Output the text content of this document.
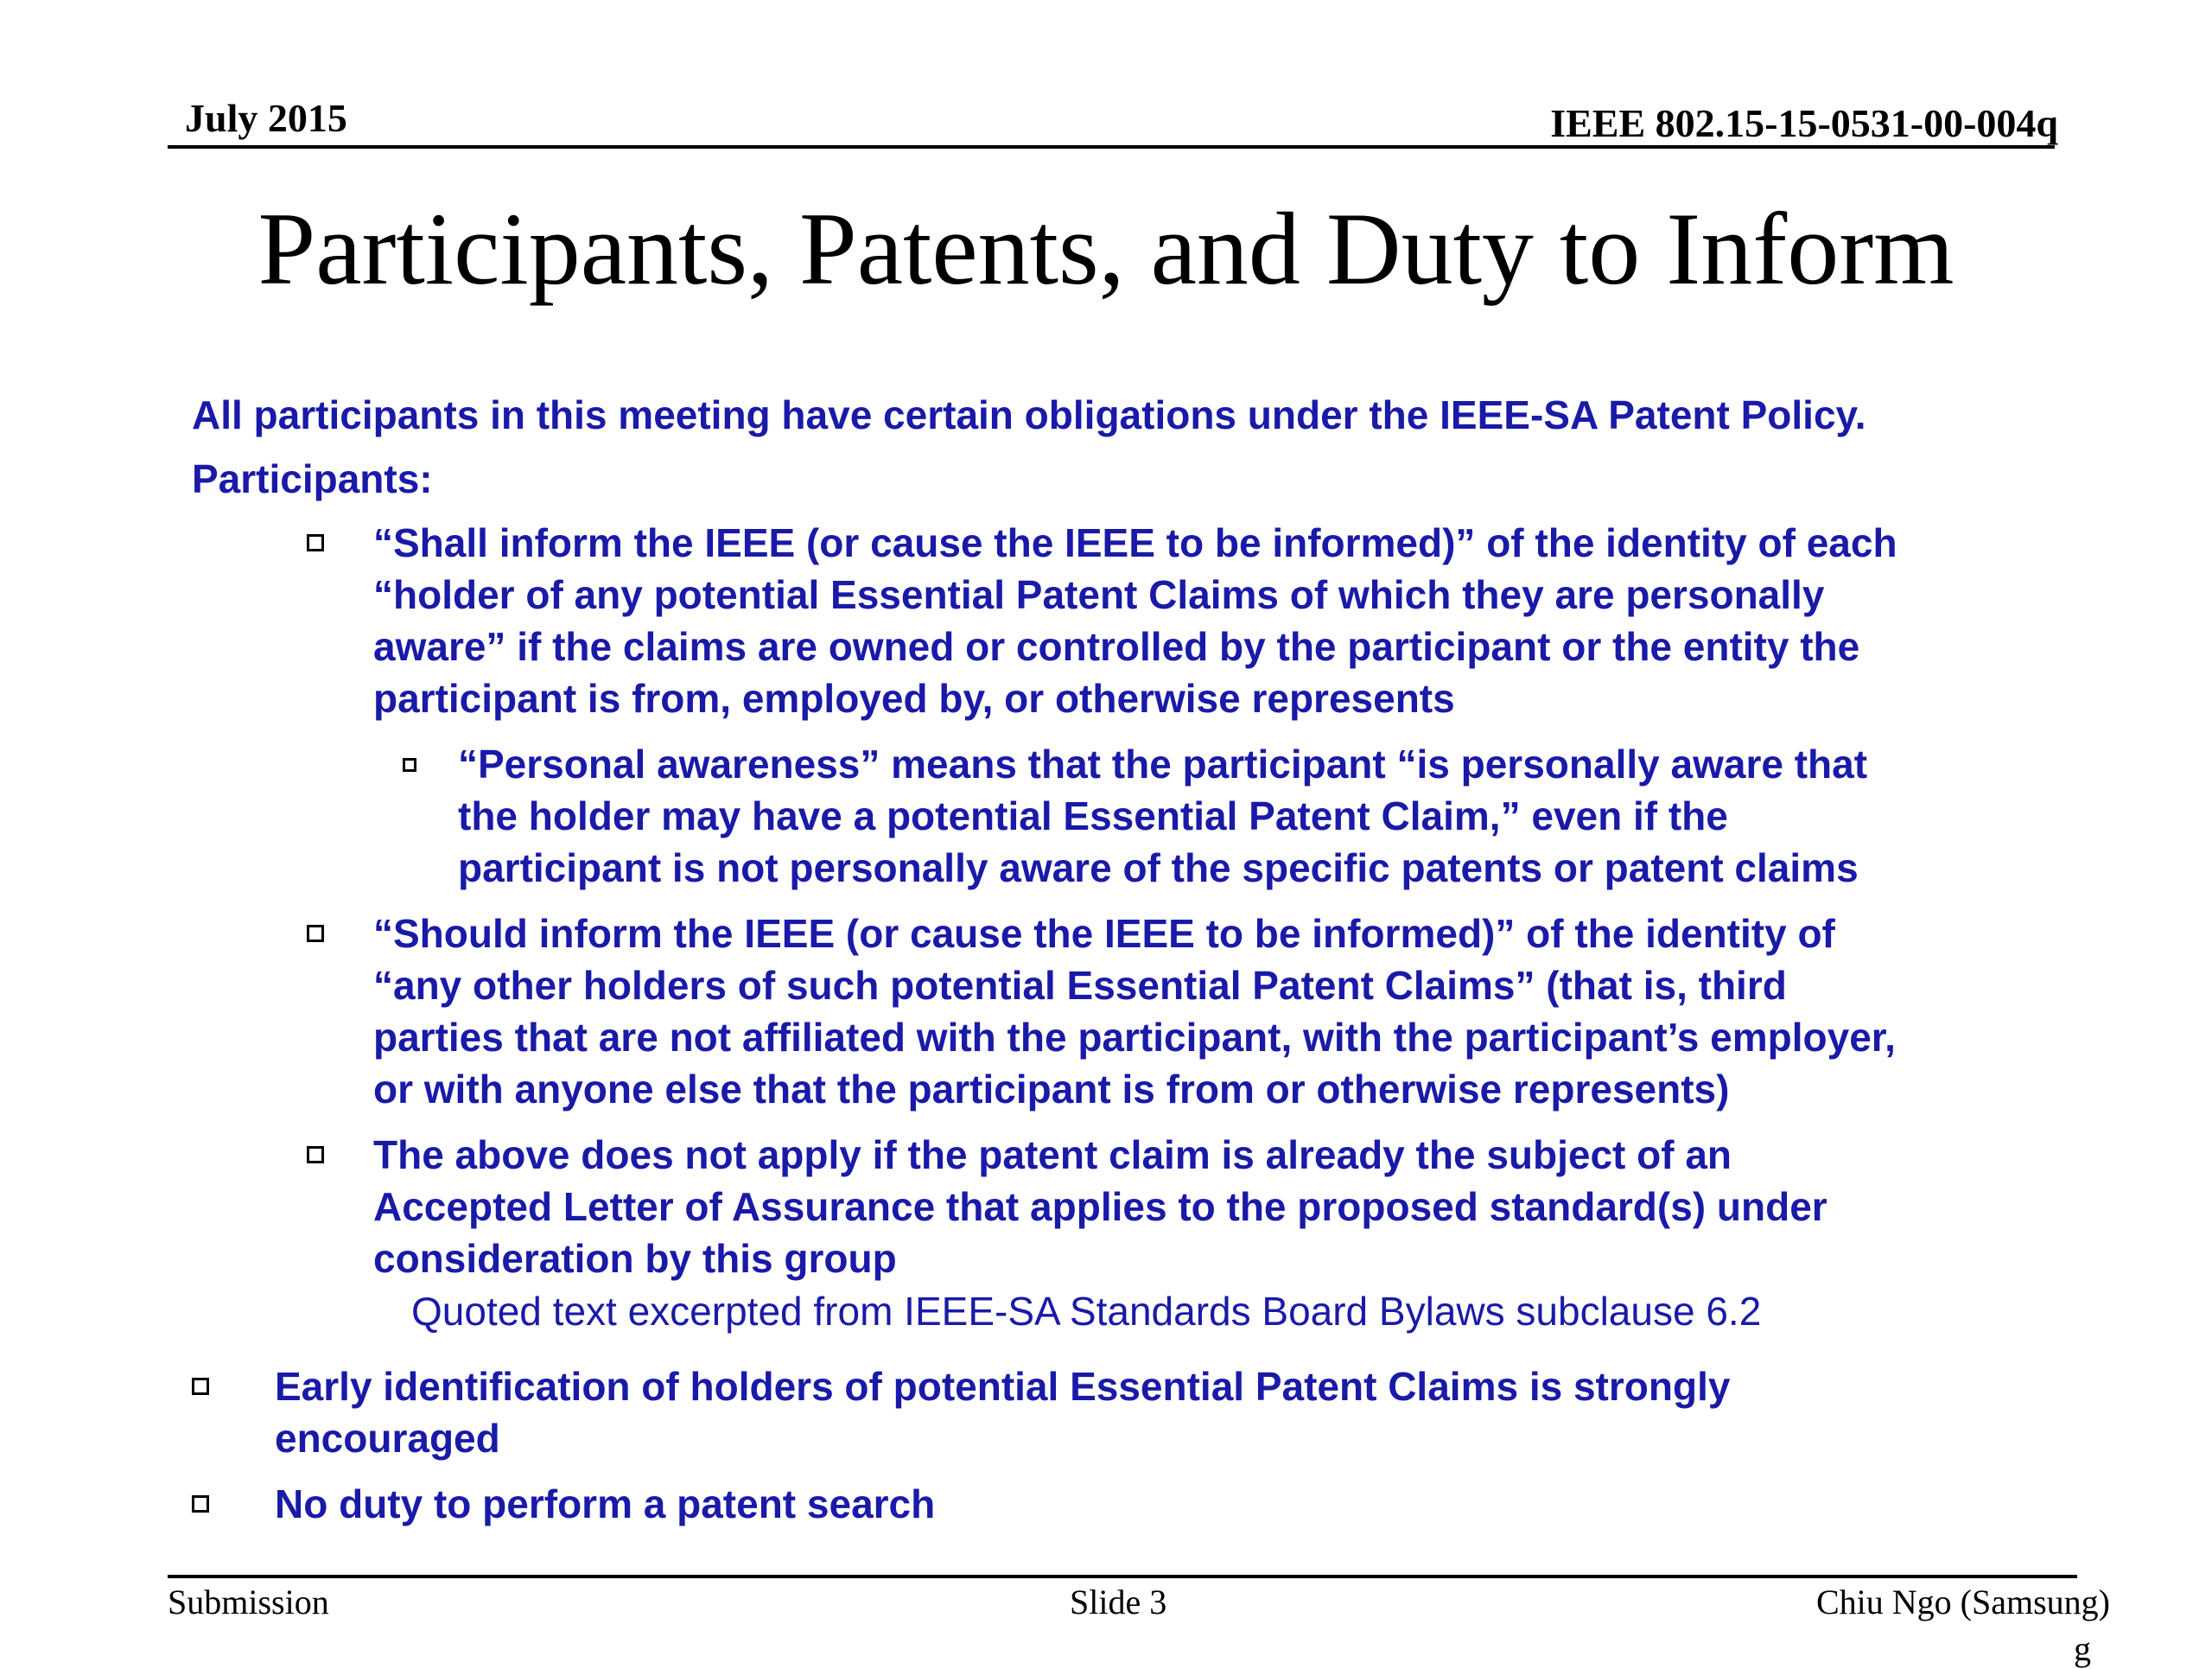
July 2015	IEEE 802.15-15-0531-00-004q
Participants, Patents, and Duty to Inform
All participants in this meeting have certain obligations under the IEEE-SA Patent Policy.
Participants:
“Shall inform the IEEE (or cause the IEEE to be informed)” of the identity of each
“holder of any potential Essential Patent Claims of which they are personally
aware” if the claims are owned or controlled by the participant or the entity the
participant is from, employed by, or otherwise represents
“Personal awareness” means that the participant “is personally aware that
the holder may have a potential Essential Patent Claim,” even if the
participant is not personally aware of the specific patents or patent claims
“Should inform the IEEE (or cause the IEEE to be informed)” of the identity of
“any other holders of such potential Essential Patent Claims” (that is, third
parties that are not affiliated with the participant, with the participant’s employer,
or with anyone else that the participant is from or otherwise represents)
The above does not apply if the patent claim is already the subject of an
Accepted Letter of Assurance that applies to the proposed standard(s) under
consideration by this group
Quoted text excerpted from IEEE-SA Standards Board Bylaws subclause 6.2
Early identification of holders of potential Essential Patent Claims is strongly
encouraged
No duty to perform a patent search
Submission	Slide 3	Chiu Ngo (Samsung)
g
